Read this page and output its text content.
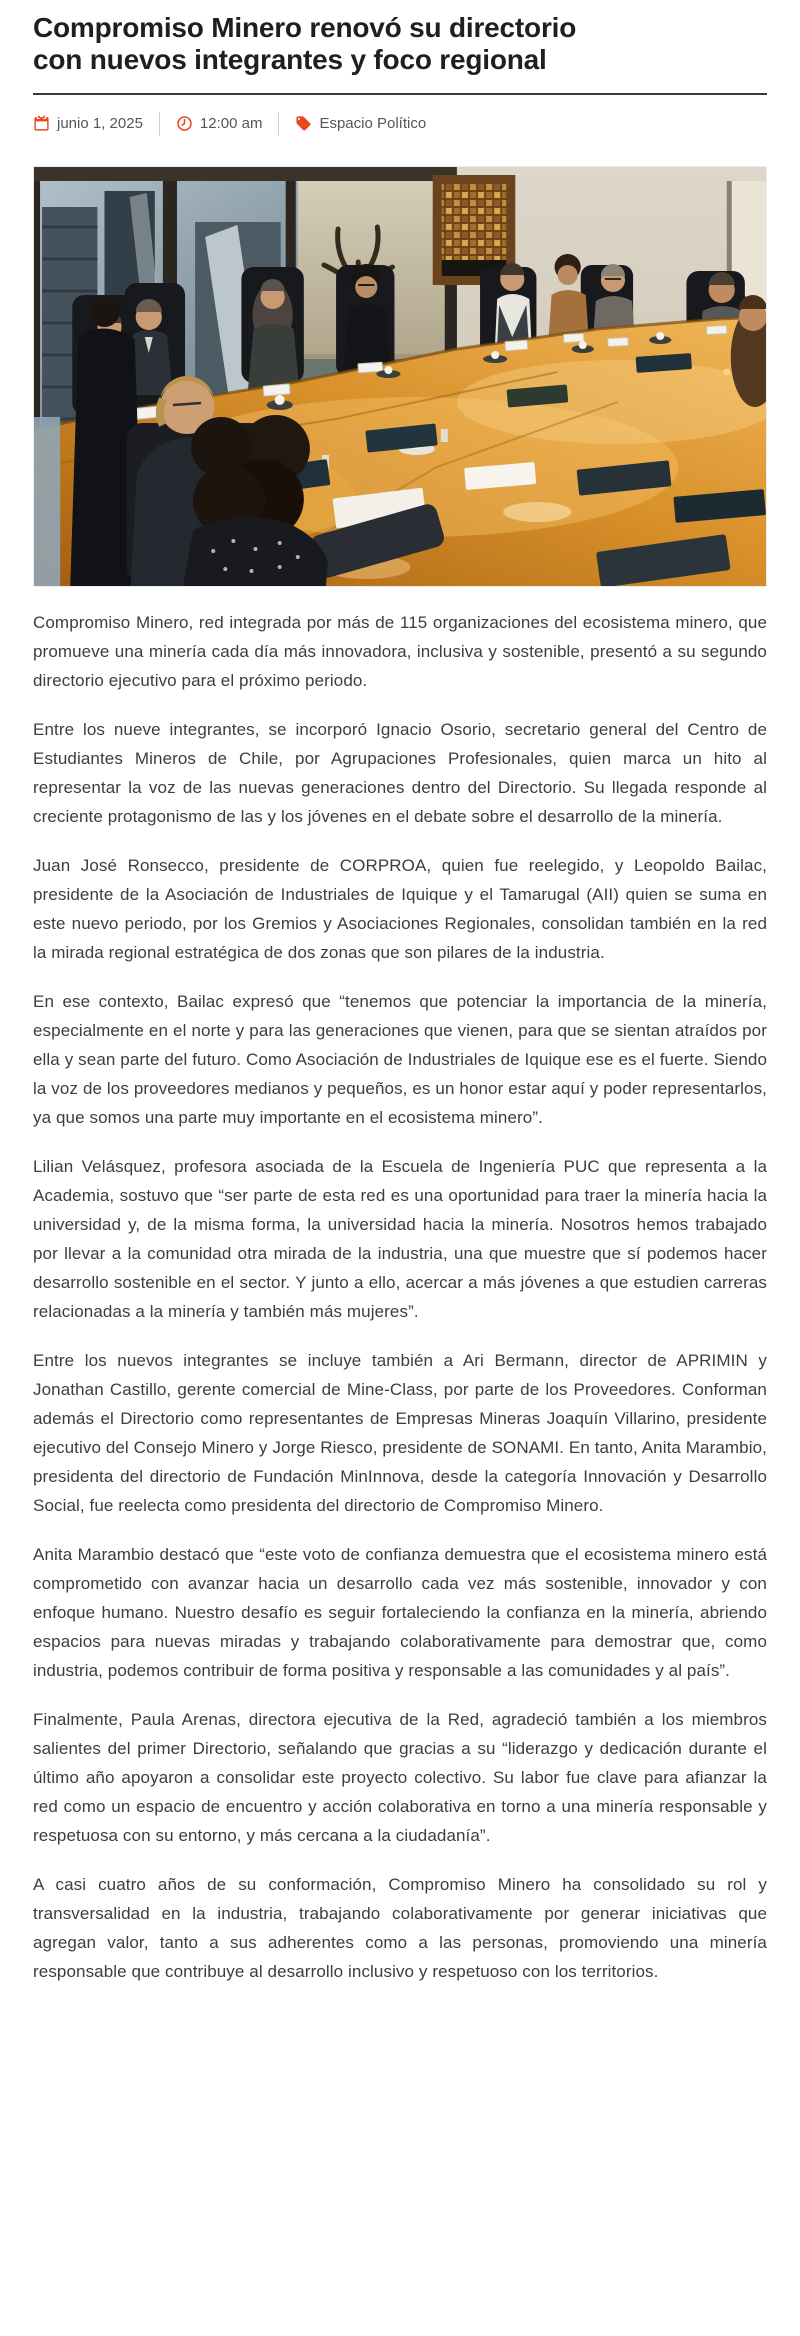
Compromiso Minero renovó su directorio con nuevos integrantes y foco regional
junio 1, 2025	12:00 am	Espacio Político

Compromiso Minero, red integrada por más de 115 organizaciones del ecosistema minero, que promueve una minería cada día más innovadora, inclusiva y sostenible, presentó a su segundo directorio ejecutivo para el próximo periodo.

Entre los nueve integrantes, se incorporó Ignacio Osorio, secretario general del Centro de Estudiantes Mineros de Chile, por Agrupaciones Profesionales, quien marca un hito al representar la voz de las nuevas generaciones dentro del Directorio. Su llegada responde al creciente protagonismo de las y los jóvenes en el debate sobre el desarrollo de la minería.

Juan José Ronsecco, presidente de CORPROA, quien fue reelegido, y Leopoldo Bailac, presidente de la Asociación de Industriales de Iquique y el Tamarugal (AII) quien se suma en este nuevo periodo, por los Gremios y Asociaciones Regionales, consolidan también en la red la mirada regional estratégica de dos zonas que son pilares de la industria.

En ese contexto, Bailac expresó que “tenemos que potenciar la importancia de la minería, especialmente en el norte y para las generaciones que vienen, para que se sientan atraídos por ella y sean parte del futuro. Como Asociación de Industriales de Iquique ese es el fuerte. Siendo la voz de los proveedores medianos y pequeños, es un honor estar aquí y poder representarlos, ya que somos una parte muy importante en el ecosistema minero”.

Lilian Velásquez, profesora asociada de la Escuela de Ingeniería PUC que representa a la Academia, sostuvo que “ser parte de esta red es una oportunidad para traer la minería hacia la universidad y, de la misma forma, la universidad hacia la minería. Nosotros hemos trabajado por llevar a la comunidad otra mirada de la industria, una que muestre que sí podemos hacer desarrollo sostenible en el sector. Y junto a ello, acercar a más jóvenes a que estudien carreras relacionadas a la minería y también más mujeres”.

Entre los nuevos integrantes se incluye también a Ari Bermann, director de APRIMIN y Jonathan Castillo, gerente comercial de Mine-Class, por parte de los Proveedores. Conforman además el Directorio como representantes de Empresas Mineras Joaquín Villarino, presidente ejecutivo del Consejo Minero y Jorge Riesco, presidente de SONAMI. En tanto, Anita Marambio, presidenta del directorio de Fundación MinInnova, desde la categoría Innovación y Desarrollo Social, fue reelecta como presidenta del directorio de Compromiso Minero.

Anita Marambio destacó que “este voto de confianza demuestra que el ecosistema minero está comprometido con avanzar hacia un desarrollo cada vez más sostenible, innovador y con enfoque humano. Nuestro desafío es seguir fortaleciendo la confianza en la minería, abriendo espacios para nuevas miradas y trabajando colaborativamente para demostrar que, como industria, podemos contribuir de forma positiva y responsable a las comunidades y al país”.

Finalmente, Paula Arenas, directora ejecutiva de la Red, agradeció también a los miembros salientes del primer Directorio, señalando que gracias a su “liderazgo y dedicación durante el último año apoyaron a consolidar este proyecto colectivo. Su labor fue clave para afianzar la red como un espacio de encuentro y acción colaborativa en torno a una minería responsable y respetuosa con su entorno, y más cercana a la ciudadanía”.

A casi cuatro años de su conformación, Compromiso Minero ha consolidado su rol y transversalidad en la industria, trabajando colaborativamente por generar iniciativas que agregan valor, tanto a sus adherentes como a las personas, promoviendo una minería responsable que contribuye al desarrollo inclusivo y respetuoso con los territorios.
